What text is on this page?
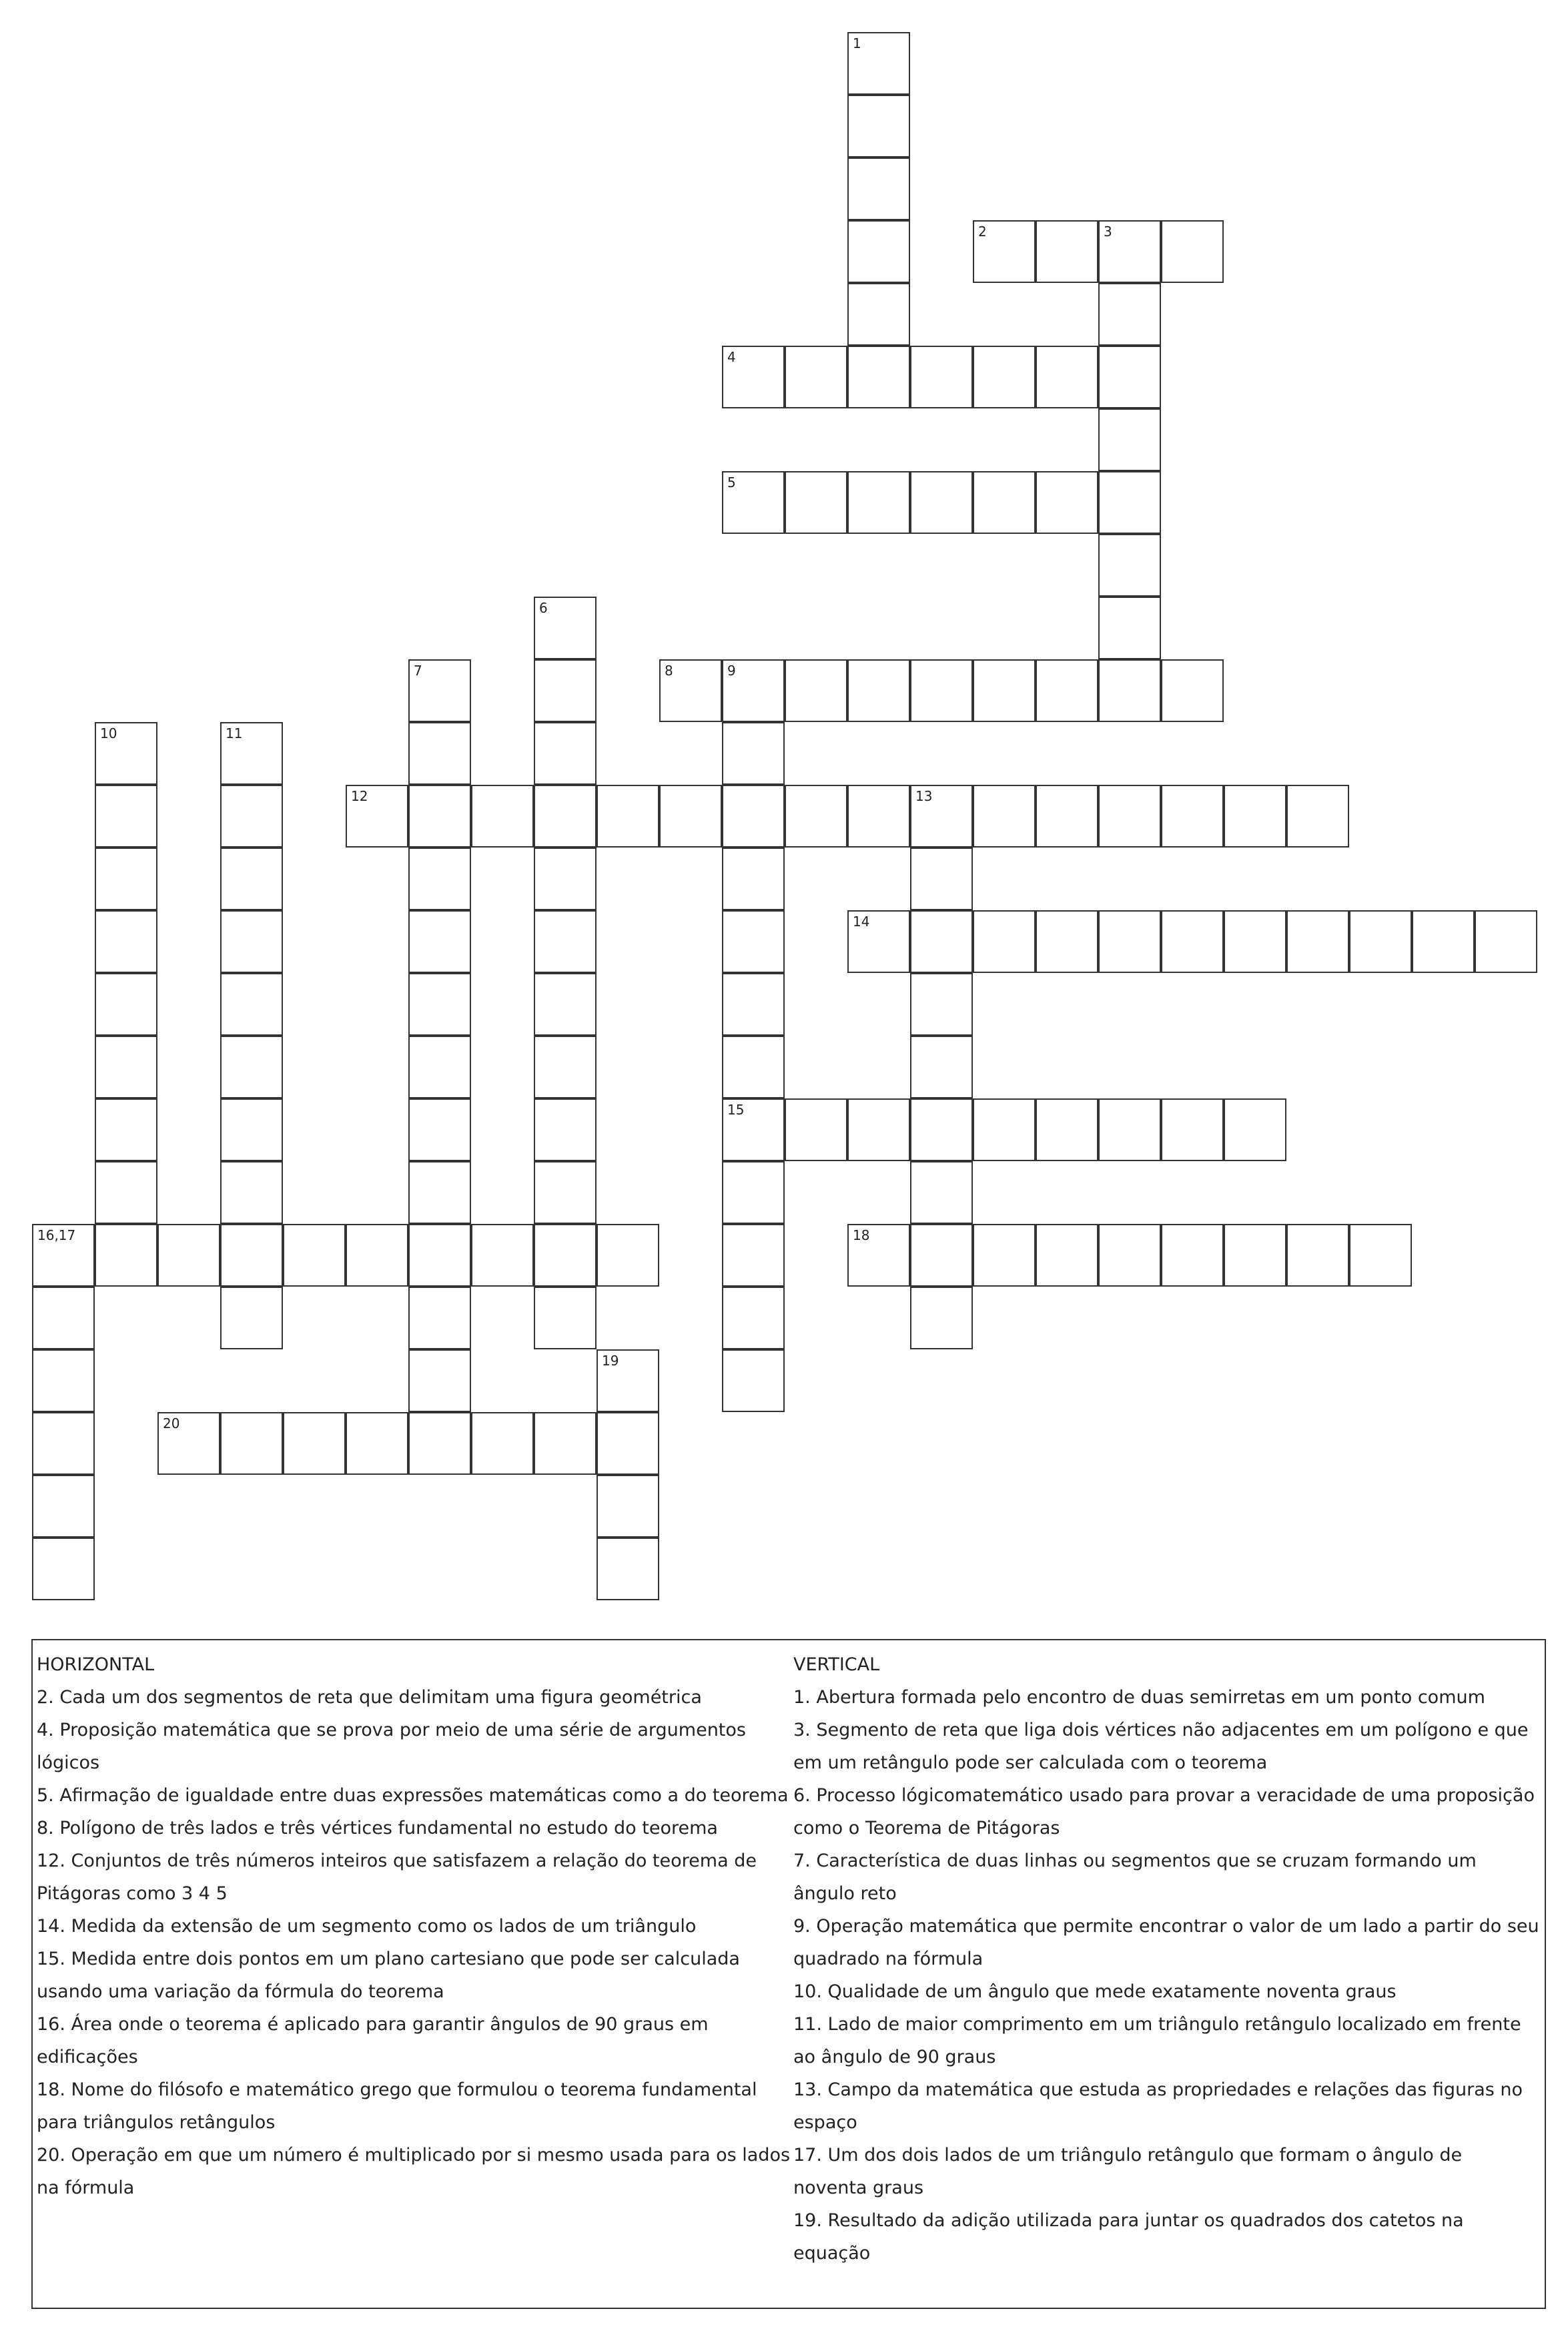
1
2	3
4
5
6
7	8	9
15
10	11
12	13
14
16,17	18
19
20
HORIZONTAL
2. Cada um dos segmentos de reta que delimitam uma figura geométrica
4. Proposição matemática que se prova por meio de uma série de argumentos lógicos
5. Afirmação de igualdade entre duas expressões matemáticas como a do teorema
8. Polígono de três lados e três vértices fundamental no estudo do teorema
12. Conjuntos de três números inteiros que satisfazem a relação do teorema de Pitágoras como 3 4 5
14. Medida da extensão de um segmento como os lados de um triângulo
15. Medida entre dois pontos em um plano cartesiano que pode ser calculada usando uma variação da fórmula do teorema
16. Área onde o teorema é aplicado para garantir ângulos de 90 graus em edificações
18. Nome do filósofo e matemático grego que formulou o teorema fundamental para triângulos retângulos
20. Operação em que um número é multiplicado por si mesmo usada para os lados na fórmula
VERTICAL
1. Abertura formada pelo encontro de duas semirretas em um ponto comum
3. Segmento de reta que liga dois vértices não adjacentes em um polígono e que em um retângulo pode ser calculada com o teorema
6. Processo lógicomatemático usado para provar a veracidade de uma proposição como o Teorema de Pitágoras
7. Característica de duas linhas ou segmentos que se cruzam formando um ângulo reto
9. Operação matemática que permite encontrar o valor de um lado a partir do seu quadrado na fórmula
10. Qualidade de um ângulo que mede exatamente noventa graus
11. Lado de maior comprimento em um triângulo retângulo localizado em frente ao ângulo de 90 graus
13. Campo da matemática que estuda as propriedades e relações das figuras no espaço
17. Um dos dois lados de um triângulo retângulo que formam o ângulo de noventa graus
19. Resultado da adição utilizada para juntar os quadrados dos catetos na equação
